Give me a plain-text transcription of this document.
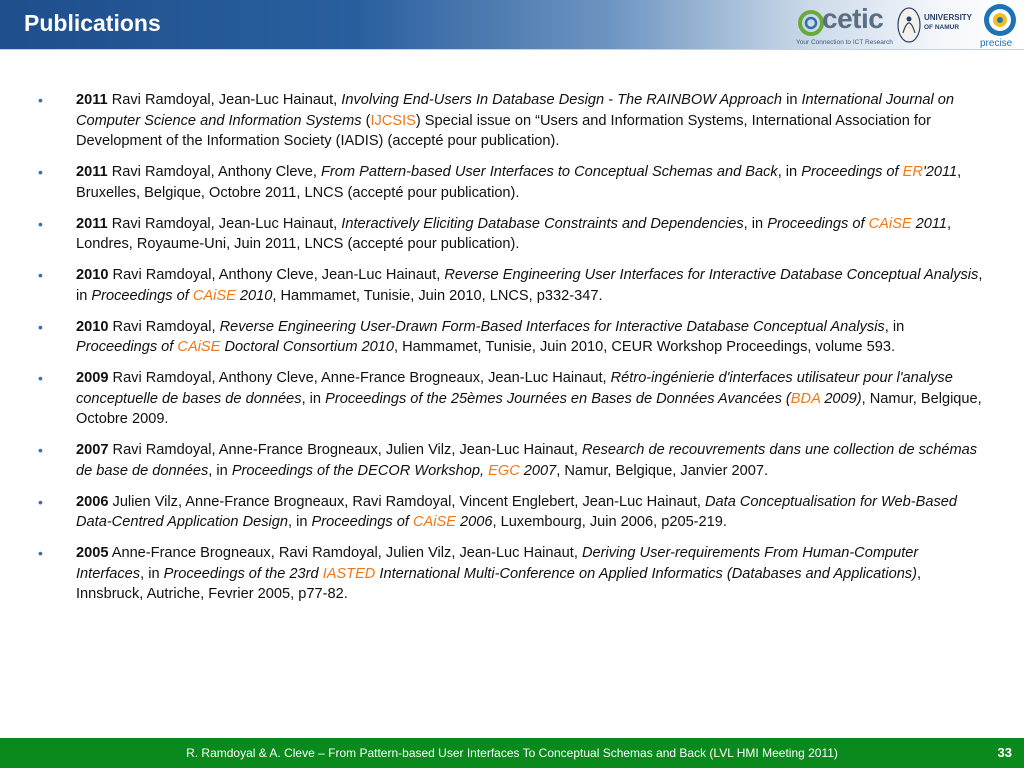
Publications	cetic
Your Connection to ICT Research
UNIVERSITY
OF NAMUR
precise
• 2011 Ravi Ramdoyal, Jean-Luc Hainaut, Involving End-Users In Database Design - The RAINBOW Approach in International Journal on Computer Science and Information Systems (IJCSIS) Special issue on “Users and Information Systems, International Association for Development of the Information Society (IADIS) (accepté pour publication).
• 2011 Ravi Ramdoyal, Anthony Cleve, From Pattern-based User Interfaces to Conceptual Schemas and Back, in Proceedings of ER'2011, Bruxelles, Belgique, Octobre 2011, LNCS (accepté pour publication).
• 2011 Ravi Ramdoyal, Jean-Luc Hainaut, Interactively Eliciting Database Constraints and Dependencies, in Proceedings of CAiSE 2011, Londres, Royaume-Uni, Juin 2011, LNCS (accepté pour publication).
• 2010 Ravi Ramdoyal, Anthony Cleve, Jean-Luc Hainaut, Reverse Engineering User Interfaces for Interactive Database Conceptual Analysis, in Proceedings of CAiSE 2010, Hammamet, Tunisie, Juin 2010, LNCS, p332-347.
• 2010 Ravi Ramdoyal, Reverse Engineering User-Drawn Form-Based Interfaces for Interactive Database Conceptual Analysis, in Proceedings of CAiSE Doctoral Consortium 2010, Hammamet, Tunisie, Juin 2010, CEUR Workshop Proceedings, volume 593.
• 2009 Ravi Ramdoyal, Anthony Cleve, Anne-France Brogneaux, Jean-Luc Hainaut, Rétro-ingénierie d'interfaces utilisateur pour l'analyse conceptuelle de bases de données, in Proceedings of the 25èmes Journées en Bases de Données Avancées (BDA 2009), Namur, Belgique, Octobre 2009.
• 2007 Ravi Ramdoyal, Anne-France Brogneaux, Julien Vilz, Jean-Luc Hainaut, Research de recouvrements dans une collection de schémas de base de données, in Proceedings of the DECOR Workshop, EGC 2007, Namur, Belgique, Janvier 2007.
• 2006 Julien Vilz, Anne-France Brogneaux, Ravi Ramdoyal, Vincent Englebert, Jean-Luc Hainaut, Data Conceptualisation for Web-Based Data-Centred Application Design, in Proceedings of CAiSE 2006, Luxembourg, Juin 2006, p205-219.
• 2005 Anne-France Brogneaux, Ravi Ramdoyal, Julien Vilz, Jean-Luc Hainaut, Deriving User-requirements From Human-Computer Interfaces, in Proceedings of the 23rd IASTED International Multi-Conference on Applied Informatics (Databases and Applications), Innsbruck, Autriche, Fevrier 2005, p77-82.
R. Ramdoyal & A. Cleve – From Pattern-based User Interfaces To Conceptual Schemas and Back (LVL HMI Meeting 2011)	33
